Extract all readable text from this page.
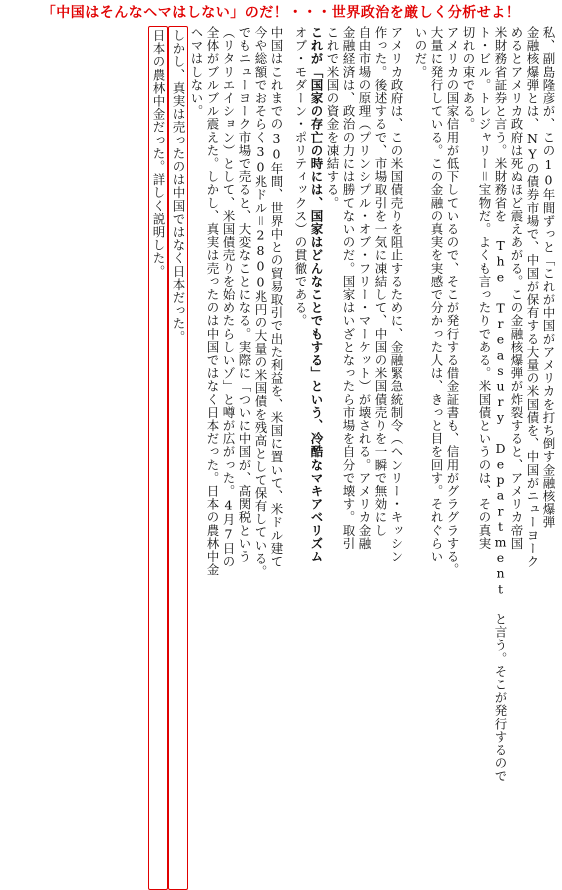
「中国はそんなヘマはしない」のだ！・・・世界政治を厳しく分析せよ！
私、副島隆彦が、この10年間ずっと「これが中国がアメリカを打ち倒す金融核爆弾
金融核爆弾とは、NYの債券市場で、中国が保有する大量の米国債を、中国がニューヨーク
めるとアメリカ政府は死ぬほど震えあがる。この金融核爆弾が炸裂すると、アメリカ帝国
米財務省証券と言う。米財務省を The Treasury Department と言う。そこが発行するので
ト・ビル。トレジャリー＝宝物だ。よくも言ったりである。米国債というのは、その真実
切れの束である。
アメリカの国家信用が低下しているので、そこが発行する借金証書も、信用がグラグラする。
大量に発行している。この金融の真実を実感で分かった人は、きっと目を回す。それぐらい
いのだ。
アメリカ政府は、この米国債売りを阻止するために、金融緊急統制令（ヘンリー・キッシン
作った。後述するで、市場取引を一気に凍結して、中国の米国債売りを一瞬で無効にし
自由市場の原理（プリンシプル・オブ・フリー・マーケット）が壊される。アメリカ金融
金融経済は、政治の力には勝てないのだ。国家はいざとなったら市場を自分で壊す。取引
これで米国の資金を凍結する。
これが「国家の存亡の時には、国家はどんなことでもする」という、冷酷なマキアベリズム
オブ・モダーン・ポリティックス）の貫徹である。
中国はこれまでの30年間、世界中との貿易取引で出た利益を、米国に置いて、米ドル建て
今や総額でおそらく30兆ドル＝2800兆円の大量の米国債を残高として保有している。
でもニューヨーク市場で売ると、大変なことになる。実際に「ついに中国が、高関税という
（リタリエイション）として、米国債売りを始めたらしいゾ」と噂が広がった。4月7日の
全体がブルブル震えた。しかし、真実は売ったのは中国ではなく日本だった。日本の農林中金
ヘマはしない。
しかし、真実は売ったのは中国ではなく日本だった。
日本の農林中金だった。詳しく説明した。
